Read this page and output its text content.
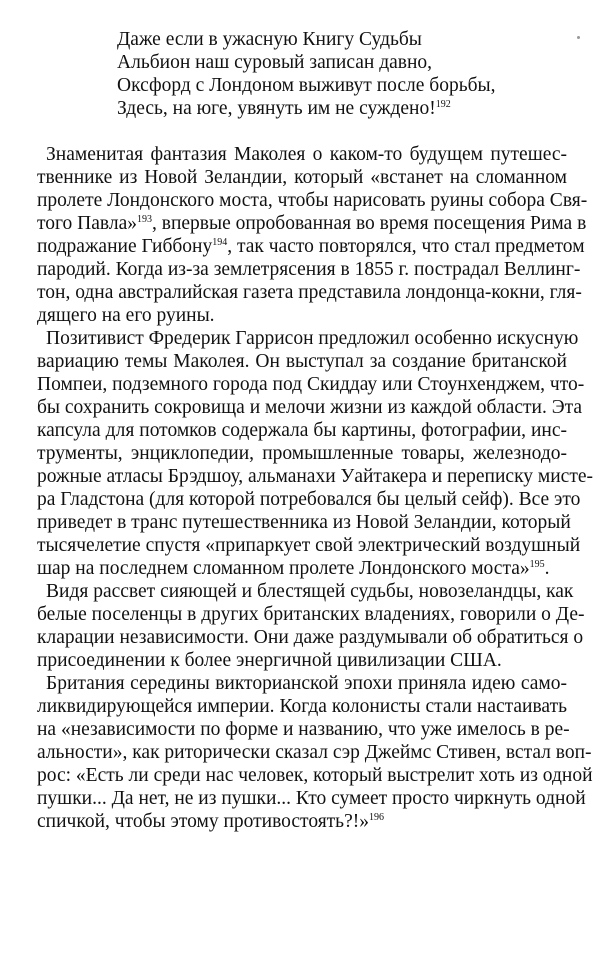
Даже если в ужасную Книгу Судьбы
Альбион наш суровый записан давно,
Оксфорд с Лондоном выживут после борьбы,
Здесь, на юге, увянуть им не суждено!$^{192}$
Знаменитая фантазия Маколея о каком-то будущем путешес-
твеннике из Новой Зеландии, который «встанет на сломанном
пролете Лондонского моста, чтобы нарисовать руины собора Свя-
того Павла»$^{193}$, впервые опробованная во время посещения Рима в
подражание Гиббону$^{194}$, так часто повторялся, что стал предметом
пародий. Когда из-за землетрясения в 1855 г. пострадал Веллинг-
тон, одна австралийская газета представила лондонца-кокни, гля-
дящего на его руины.
Позитивист Фредерик Гаррисон предложил особенно искусную
вариацию темы Маколея. Он выступал за создание британской
Помпеи, подземного города под Скиддау или Стоунхенджем, что-
бы сохранить сокровища и мелочи жизни из каждой области. Эта
капсула для потомков содержала бы картины, фотографии, инс-
трументы, энциклопедии, промышленные товары, железнодо-
рожные атласы Брэдшоу, альманахи Уайтакера и переписку мисте-
ра Гладстона (для которой потребовался бы целый сейф). Все это
приведет в транс путешественника из Новой Зеландии, который
тысячелетие спустя «припаркует свой электрический воздушный
шар на последнем сломанном пролете Лондонского моста»$^{195}$.
Видя рассвет сияющей и блестящей судьбы, новозеландцы, как
белые поселенцы в других британских владениях, говорили о Де-
кларации независимости. Они даже раздумывали об обратиться о
присоединении к более энергичной цивилизации США.
Британия середины викторианской эпохи приняла идею само-
ликвидирующейся империи. Когда колонисты стали настаивать
на «независимости по форме и названию, что уже имелось в ре-
альности», как риторически сказал сэр Джеймс Стивен, встал воп-
рос: «Есть ли среди нас человек, который выстрелит хоть из одной
пушки... Да нет, не из пушки... Кто сумеет просто чиркнуть одной
спичкой, чтобы этому противостоять?!»$^{196}$
